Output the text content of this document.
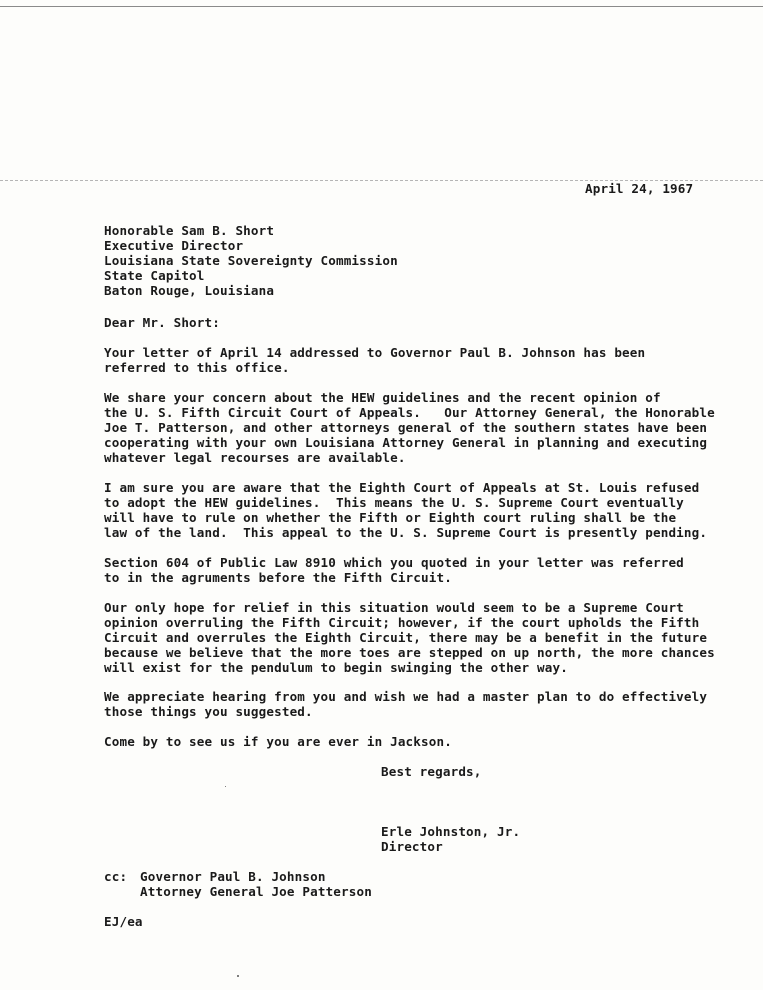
April 24, 1967
Honorable Sam B. Short
Executive Director
Louisiana State Sovereignty Commission
State Capitol
Baton Rouge, Louisiana
Dear Mr. Short:
Your letter of April 14 addressed to Governor Paul B. Johnson has been
referred to this office.
We share your concern about the HEW guidelines and the recent opinion of
the U. S. Fifth Circuit Court of Appeals.   Our Attorney General, the Honorable
Joe T. Patterson, and other attorneys general of the southern states have been
cooperating with your own Louisiana Attorney General in planning and executing
whatever legal recourses are available.
I am sure you are aware that the Eighth Court of Appeals at St. Louis refused
to adopt the HEW guidelines.  This means the U. S. Supreme Court eventually
will have to rule on whether the Fifth or Eighth court ruling shall be the
law of the land.  This appeal to the U. S. Supreme Court is presently pending.
Section 604 of Public Law 8910 which you quoted in your letter was referred
to in the agruments before the Fifth Circuit.
Our only hope for relief in this situation would seem to be a Supreme Court
opinion overruling the Fifth Circuit; however, if the court upholds the Fifth
Circuit and overrules the Eighth Circuit, there may be a benefit in the future
because we believe that the more toes are stepped on up north, the more chances
will exist for the pendulum to begin swinging the other way.
We appreciate hearing from you and wish we had a master plan to do effectively
those things you suggested.
Come by to see us if you are ever in Jackson.
Best regards,
Erle Johnston, Jr.
Director
cc: Governor Paul B. Johnson
Attorney General Joe Patterson
EJ/ea
